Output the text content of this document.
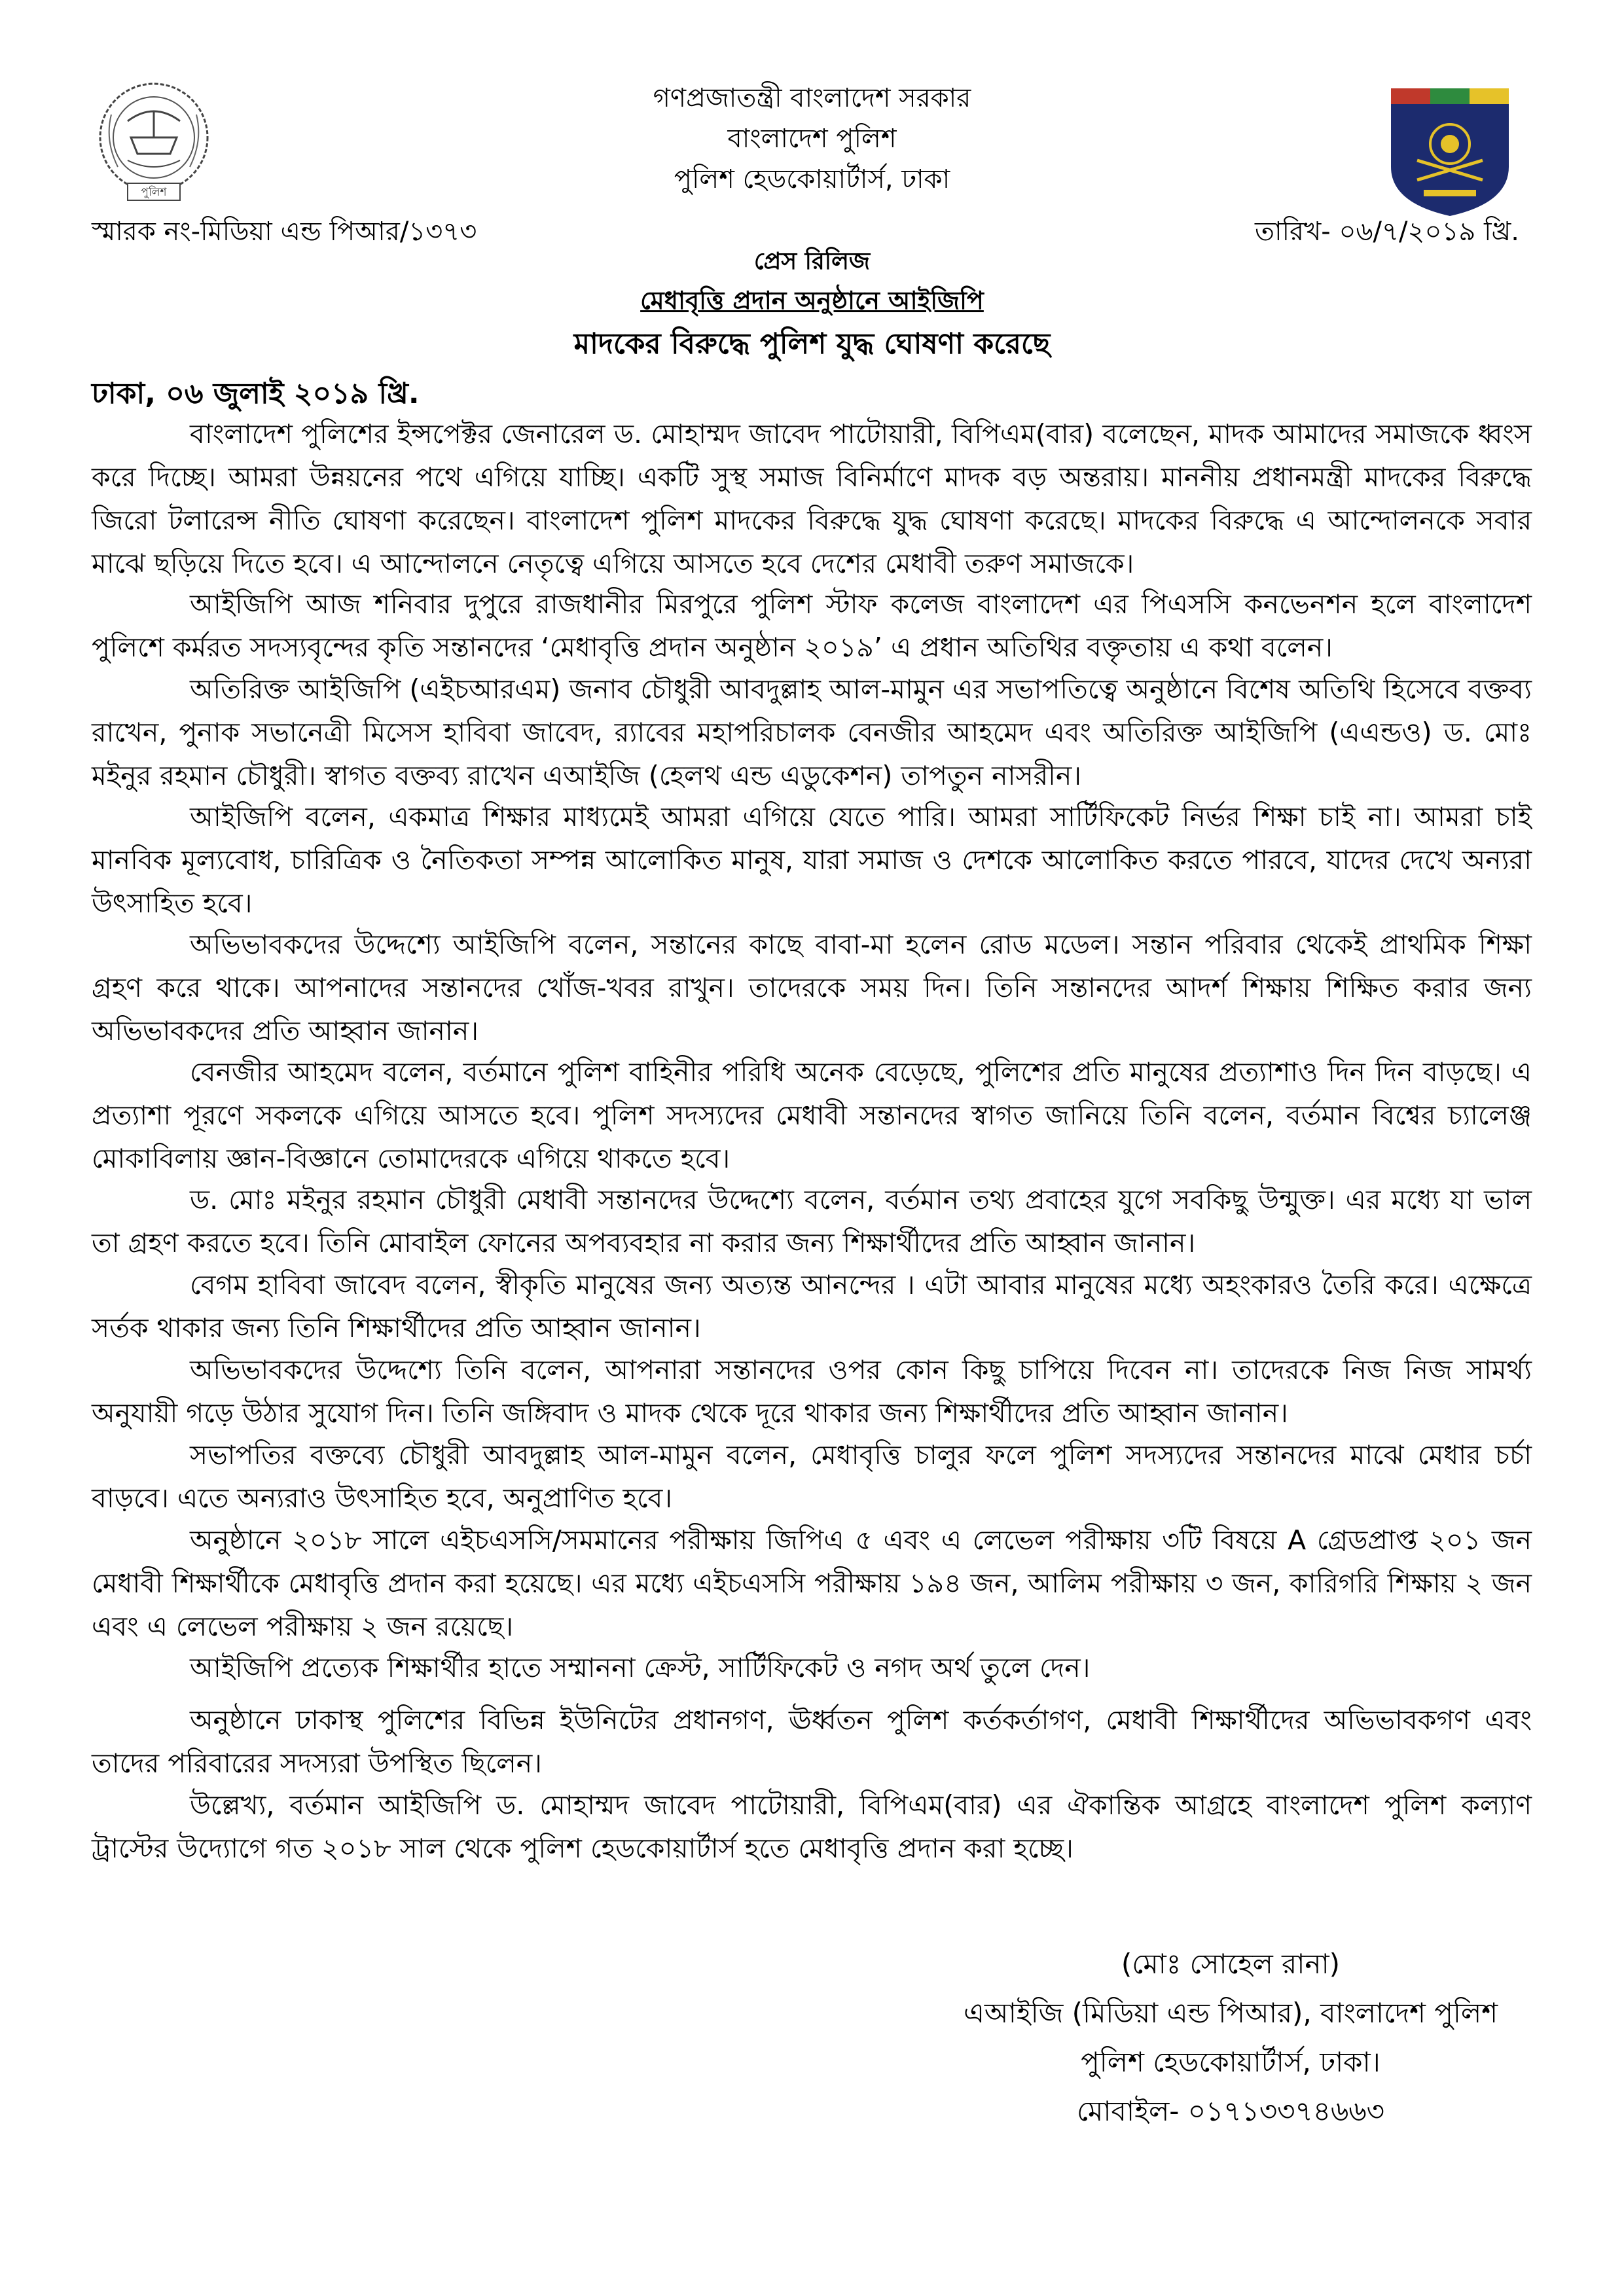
পুলিশ
গণপ্রজাতন্ত্রী বাংলাদেশ সরকার
বাংলাদেশ পুলিশ
পুলিশ হেডকোয়ার্টার্স, ঢাকা
স্মারক নং-মিডিয়া এন্ড পিআর/১৩৭৩	তারিখ- ০৬/৭/২০১৯ খ্রি.
প্রেস রিলিজ
মেধাবৃত্তি প্রদান অনুষ্ঠানে আইজিপি
মাদকের বিরুদ্ধে পুলিশ যুদ্ধ ঘোষণা করেছে
ঢাকা, ০৬ জুলাই ২০১৯ খ্রি.

বাংলাদেশ পুলিশের ইন্সপেক্টর জেনারেল ড. মোহাম্মদ জাবেদ পাটোয়ারী, বিপিএম(বার) বলেছেন, মাদক আমাদের সমাজকে ধ্বংস করে দিচ্ছে। আমরা উন্নয়নের পথে এগিয়ে যাচ্ছি। একটি সুস্থ সমাজ বিনির্মাণে মাদক বড় অন্তরায়। মাননীয় প্রধানমন্ত্রী মাদকের বিরুদ্ধে জিরো টলারেন্স নীতি ঘোষণা করেছেন। বাংলাদেশ পুলিশ মাদকের বিরুদ্ধে যুদ্ধ ঘোষণা করেছে। মাদকের বিরুদ্ধে এ আন্দোলনকে সবার মাঝে ছড়িয়ে দিতে হবে। এ আন্দোলনে নেতৃত্বে এগিয়ে আসতে হবে দেশের মেধাবী তরুণ সমাজকে।

আইজিপি আজ শনিবার দুপুরে রাজধানীর মিরপুরে পুলিশ স্টাফ কলেজ বাংলাদেশ এর পিএসসি কনভেনশন হলে বাংলাদেশ পুলিশে কর্মরত সদস্যবৃন্দের কৃতি সন্তানদের ‘মেধাবৃত্তি প্রদান অনুষ্ঠান ২০১৯’ এ প্রধান অতিথির বক্তৃতায় এ কথা বলেন।

অতিরিক্ত আইজিপি (এইচআরএম) জনাব চৌধুরী আবদুল্লাহ আল-মামুন এর সভাপতিত্বে অনুষ্ঠানে বিশেষ অতিথি হিসেবে বক্তব্য রাখেন, পুনাক সভানেত্রী মিসেস হাবিবা জাবেদ, র‍্যাবের মহাপরিচালক বেনজীর আহমেদ এবং অতিরিক্ত আইজিপি (এএন্ডও) ড. মোঃ মইনুর রহমান চৌধুরী। স্বাগত বক্তব্য রাখেন এআইজি (হেলথ এন্ড এডুকেশন) তাপতুন নাসরীন।

আইজিপি বলেন, একমাত্র শিক্ষার মাধ্যমেই আমরা এগিয়ে যেতে পারি। আমরা সার্টিফিকেট নির্ভর শিক্ষা চাই না। আমরা চাই মানবিক মূল্যবোধ, চারিত্রিক ও নৈতিকতা সম্পন্ন আলোকিত মানুষ, যারা সমাজ ও দেশকে আলোকিত করতে পারবে, যাদের দেখে অন্যরা উৎসাহিত হবে।

অভিভাবকদের উদ্দেশ্যে আইজিপি বলেন, সন্তানের কাছে বাবা-মা হলেন রোড মডেল। সন্তান পরিবার থেকেই প্রাথমিক শিক্ষা গ্রহণ করে থাকে। আপনাদের সন্তানদের খোঁজ-খবর রাখুন। তাদেরকে সময় দিন। তিনি সন্তানদের আদর্শ শিক্ষায় শিক্ষিত করার জন্য অভিভাবকদের প্রতি আহ্বান জানান।

বেনজীর আহমেদ বলেন, বর্তমানে পুলিশ বাহিনীর পরিধি অনেক বেড়েছে, পুলিশের প্রতি মানুষের প্রত্যাশাও দিন দিন বাড়ছে। এ প্রত্যাশা পূরণে সকলকে এগিয়ে আসতে হবে। পুলিশ সদস্যদের মেধাবী সন্তানদের স্বাগত জানিয়ে তিনি বলেন, বর্তমান বিশ্বের চ্যালেঞ্জ মোকাবিলায় জ্ঞান-বিজ্ঞানে তোমাদেরকে এগিয়ে থাকতে হবে।

ড. মোঃ মইনুর রহমান চৌধুরী মেধাবী সন্তানদের উদ্দেশ্যে বলেন, বর্তমান তথ্য প্রবাহের যুগে সবকিছু উন্মুক্ত। এর মধ্যে যা ভাল তা গ্রহণ করতে হবে। তিনি মোবাইল ফোনের অপব্যবহার না করার জন্য শিক্ষার্থীদের প্রতি আহ্বান জানান।

বেগম হাবিবা জাবেদ বলেন, স্বীকৃতি মানুষের জন্য অত্যন্ত আনন্দের । এটা আবার মানুষের মধ্যে অহংকারও তৈরি করে। এক্ষেত্রে সর্তক থাকার জন্য তিনি শিক্ষার্থীদের প্রতি আহ্বান জানান।

অভিভাবকদের উদ্দেশ্যে তিনি বলেন, আপনারা সন্তানদের ওপর কোন কিছু চাপিয়ে দিবেন না। তাদেরকে নিজ নিজ সামর্থ্য অনুযায়ী গড়ে উঠার সুযোগ দিন। তিনি জঙ্গিবাদ ও মাদক থেকে দূরে থাকার জন্য শিক্ষার্থীদের প্রতি আহ্বান জানান।

সভাপতির বক্তব্যে চৌধুরী আবদুল্লাহ আল-মামুন বলেন, মেধাবৃত্তি চালুর ফলে পুলিশ সদস্যদের সন্তানদের মাঝে মেধার চর্চা বাড়বে। এতে অন্যরাও উৎসাহিত হবে, অনুপ্রাণিত হবে।

অনুষ্ঠানে ২০১৮ সালে এইচএসসি/সমমানের পরীক্ষায় জিপিএ ৫ এবং এ লেভেল পরীক্ষায় ৩টি বিষয়ে A গ্রেডপ্রাপ্ত ২০১ জন মেধাবী শিক্ষার্থীকে মেধাবৃত্তি প্রদান করা হয়েছে। এর মধ্যে এইচএসসি পরীক্ষায় ১৯৪ জন, আলিম পরীক্ষায় ৩ জন, কারিগরি শিক্ষায় ২ জন এবং এ লেভেল পরীক্ষায় ২ জন রয়েছে।

আইজিপি প্রত্যেক শিক্ষার্থীর হাতে সম্মাননা ক্রেস্ট, সার্টিফিকেট ও নগদ অর্থ তুলে দেন।

অনুষ্ঠানে ঢাকাস্থ পুলিশের বিভিন্ন ইউনিটের প্রধানগণ, ঊর্ধ্বতন পুলিশ কর্তকর্তাগণ, মেধাবী শিক্ষার্থীদের অভিভাবকগণ এবং তাদের পরিবারের সদস্যরা উপস্থিত ছিলেন।

উল্লেখ্য, বর্তমান আইজিপি ড. মোহাম্মদ জাবেদ পাটোয়ারী, বিপিএম(বার) এর ঐকান্তিক আগ্রহে বাংলাদেশ পুলিশ কল্যাণ ট্রাস্টের উদ্যোগে গত ২০১৮ সাল থেকে পুলিশ হেডকোয়ার্টার্স হতে মেধাবৃত্তি প্রদান করা হচ্ছে।

(মোঃ সোহেল রানা)
এআইজি (মিডিয়া এন্ড পিআর), বাংলাদেশ পুলিশ
পুলিশ হেডকোয়ার্টার্স, ঢাকা।
মোবাইল- ০১৭১৩৩৭৪৬৬৩
